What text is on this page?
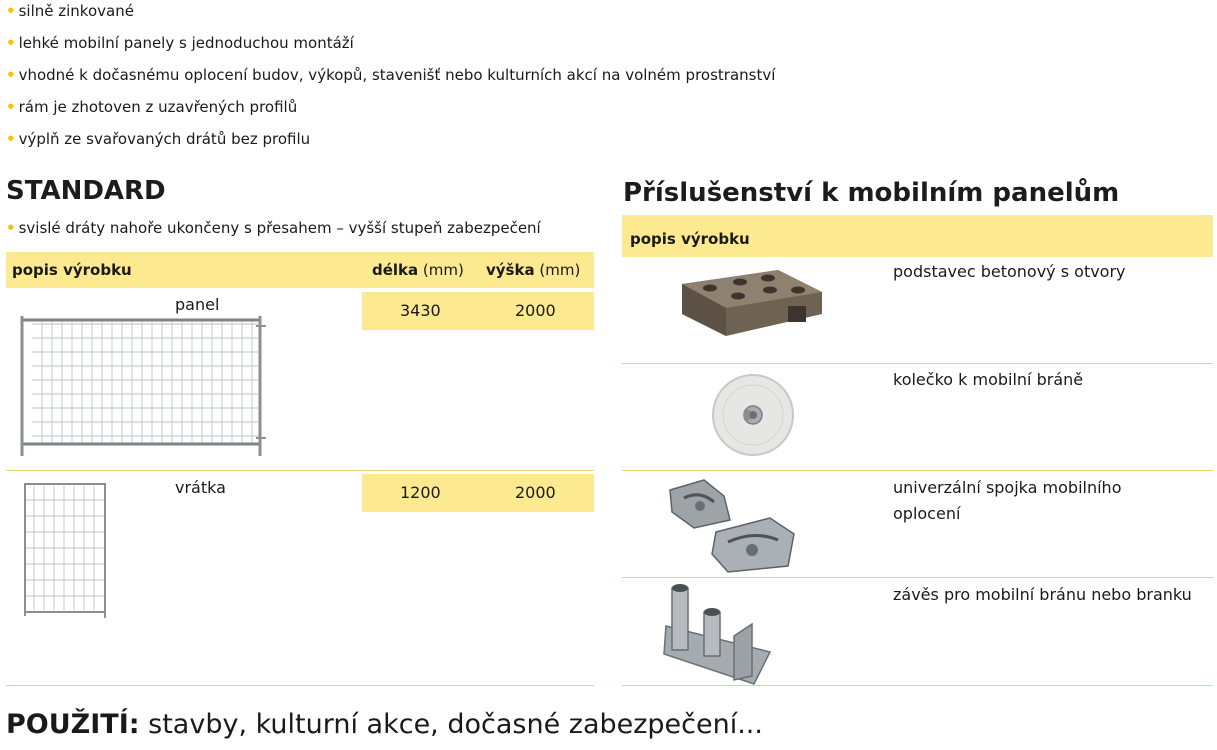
• silně zinkované
• lehké mobilní panely s jednoduchou montáží
• vhodné k dočasnému oplocení budov, výkopů, stavenišť nebo kulturních akcí na volném prostranství
• rám je zhotoven z uzavřených profilů
• výplň ze svařovaných drátů bez profilu
STANDARD
• svislé dráty nahoře ukončeny s přesahem – vyšší stupeň zabezpečení
popis výrobku	délka (mm) výška (mm)
panel	3430	2000
vrátka	1200	2000
Příslušenství k mobilním panelům
popis výrobku
podstavec betonový s otvory
kolečko k mobilní bráně
univerzální spojka mobilního oplocení
závěs pro mobilní bránu nebo branku
POUŽITÍ: stavby, kulturní akce, dočasné zabezpečení...
